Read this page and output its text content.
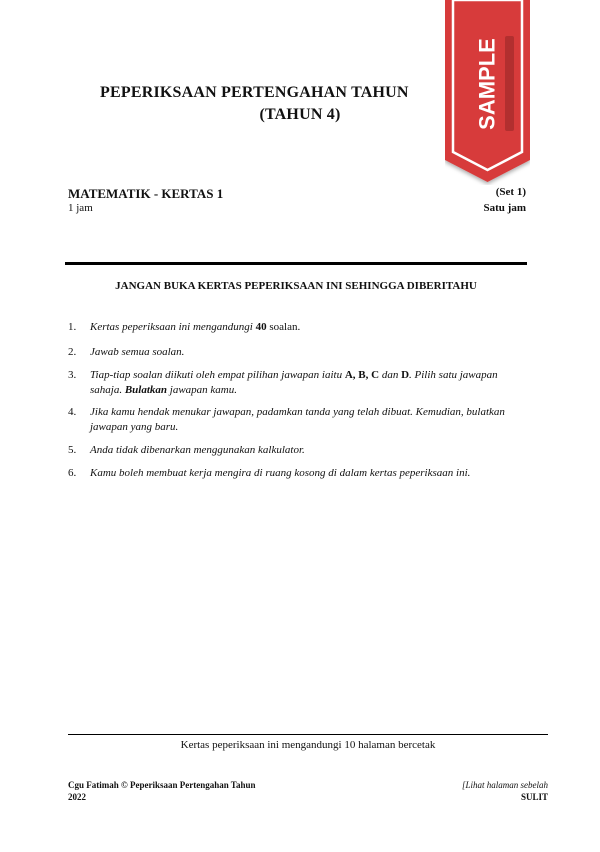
PEPERIKSAAN PERTENGAHAN TAHUN
(TAHUN 4)	SAMPLE
MATEMATIK - KERTAS 1
1 jam
(Set 1)
Satu jam
JANGAN BUKA KERTAS PEPERIKSAAN INI SEHINGGA DIBERITAHU
1. Kertas peperiksaan ini mengandungi 40 soalan.
2. Jawab semua soalan.
3. Tiap-tiap soalan diikuti oleh empat pilihan jawapan iaitu A, B, C dan D. Pilih satu jawapan sahaja. Bulatkan jawapan kamu.
4. Jika kamu hendak menukar jawapan, padamkan tanda yang telah dibuat. Kemudian, bulatkan jawapan yang baru.
5. Anda tidak dibenarkan menggunakan kalkulator.
6. Kamu boleh membuat kerja mengira di ruang kosong di dalam kertas peperiksaan ini.
Kertas peperiksaan ini mengandungi 10 halaman bercetak
Cgu Fatimah © Peperiksaan Pertengahan Tahun
2022
[Lihat halaman sebelah
SULIT
